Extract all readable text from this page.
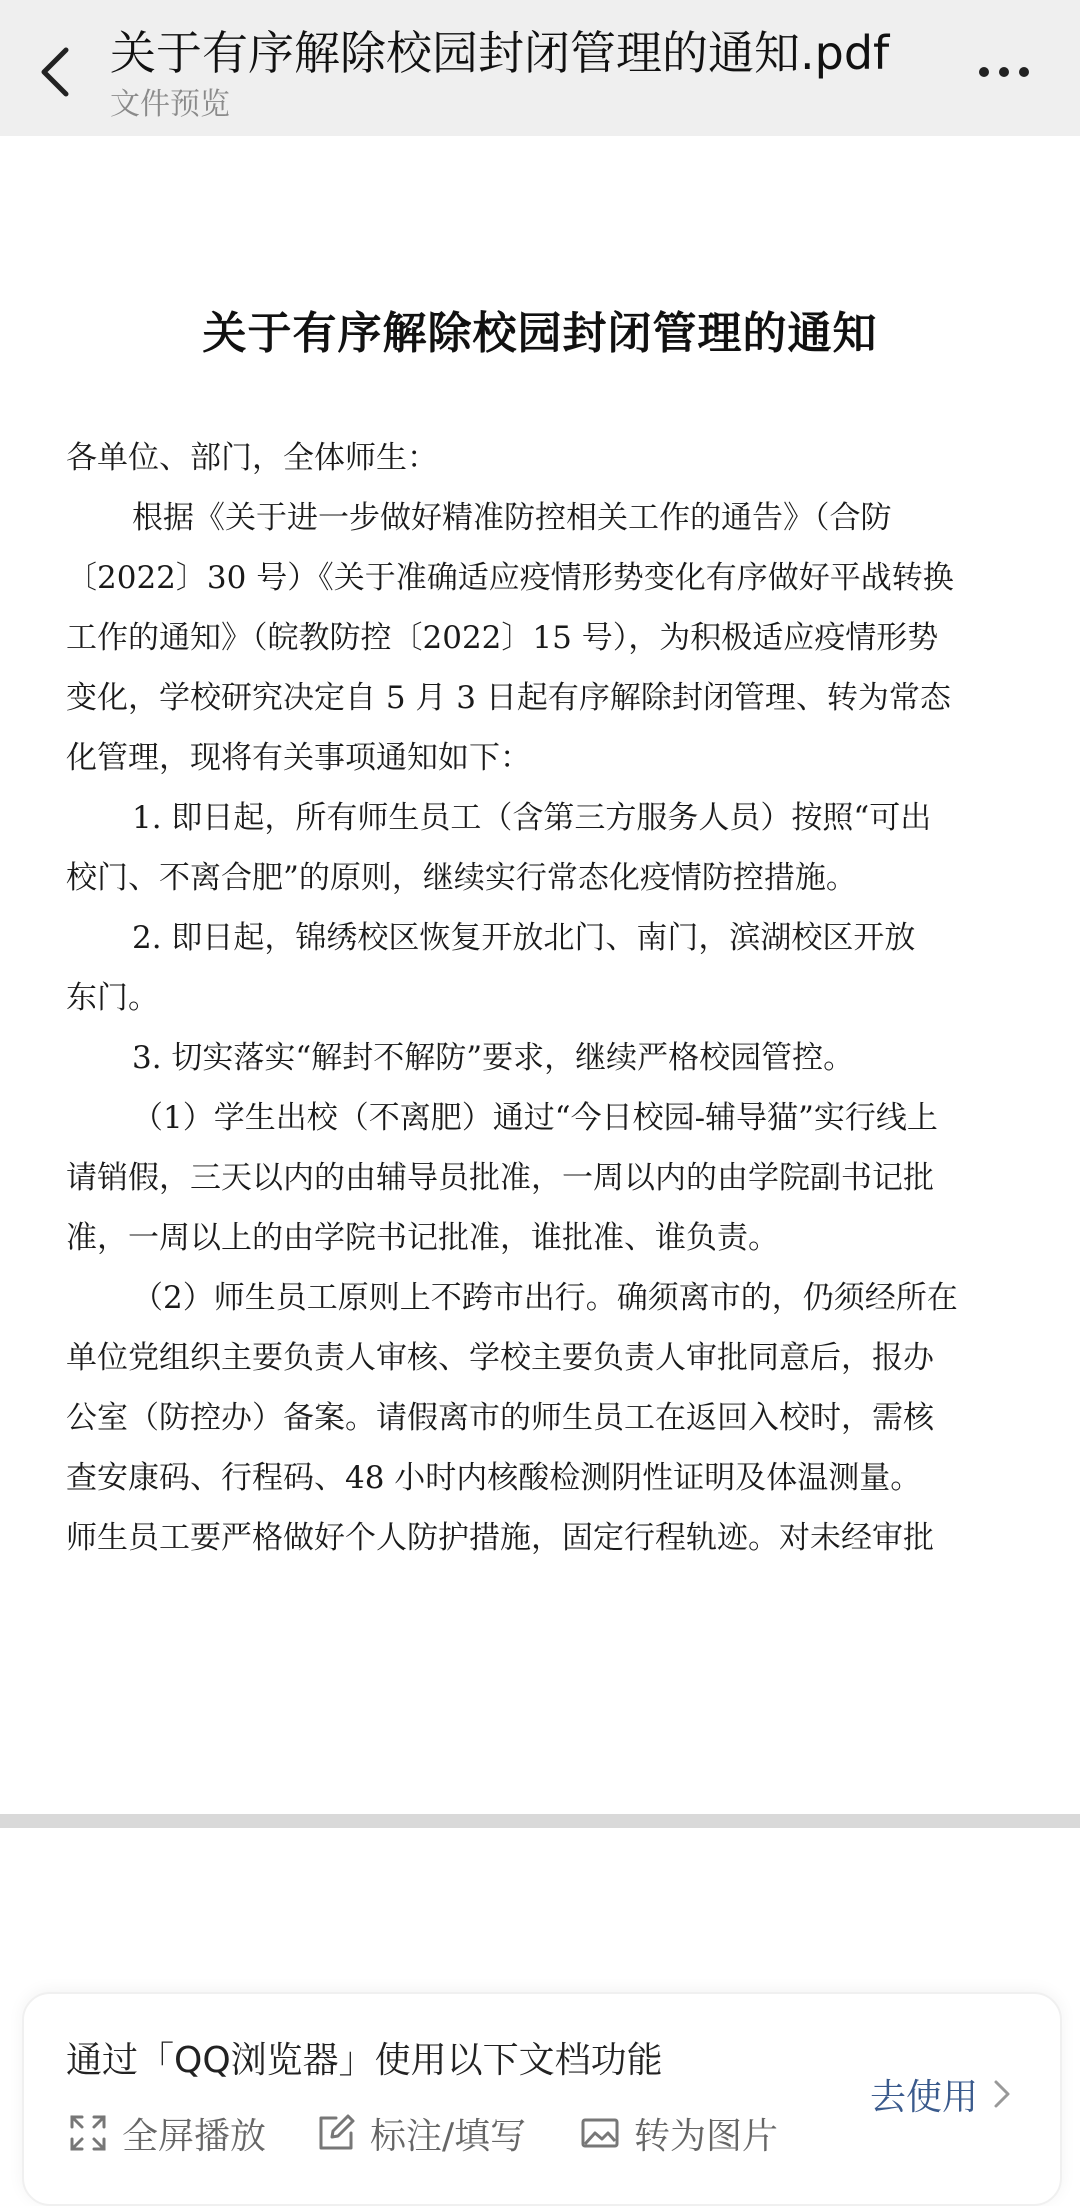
关于有序解除校园封闭管理的通知.pdf
文件预览
关于有序解除校园封闭管理的通知
各单位、部门，全体师生：
根据《关于进一步做好精准防控相关工作的通告》（合防
〔2022〕30 号）《关于准确适应疫情形势变化有序做好平战转换
工作的通知》（皖教防控〔2022〕15 号），为积极适应疫情形势
变化，学校研究决定自 5 月 3 日起有序解除封闭管理、转为常态
化管理，现将有关事项通知如下：
1. 即日起，所有师生员工（含第三方服务人员）按照“可出
校门、不离合肥”的原则，继续实行常态化疫情防控措施。
2. 即日起，锦绣校区恢复开放北门、南门，滨湖校区开放
东门。
3. 切实落实“解封不解防”要求，继续严格校园管控。
（1）学生出校（不离肥）通过“今日校园-辅导猫”实行线上
请销假，三天以内的由辅导员批准，一周以内的由学院副书记批
准，一周以上的由学院书记批准，谁批准、谁负责。
（2）师生员工原则上不跨市出行。确须离市的，仍须经所在
单位党组织主要负责人审核、学校主要负责人审批同意后，报办
公室（防控办）备案。请假离市的师生员工在返回入校时，需核
查安康码、行程码、48 小时内核酸检测阴性证明及体温测量。
师生员工要严格做好个人防护措施，固定行程轨迹。对未经审批
通过「QQ浏览器」使用以下文档功能
全屏播放	标注/填写	转为图片
去使用
